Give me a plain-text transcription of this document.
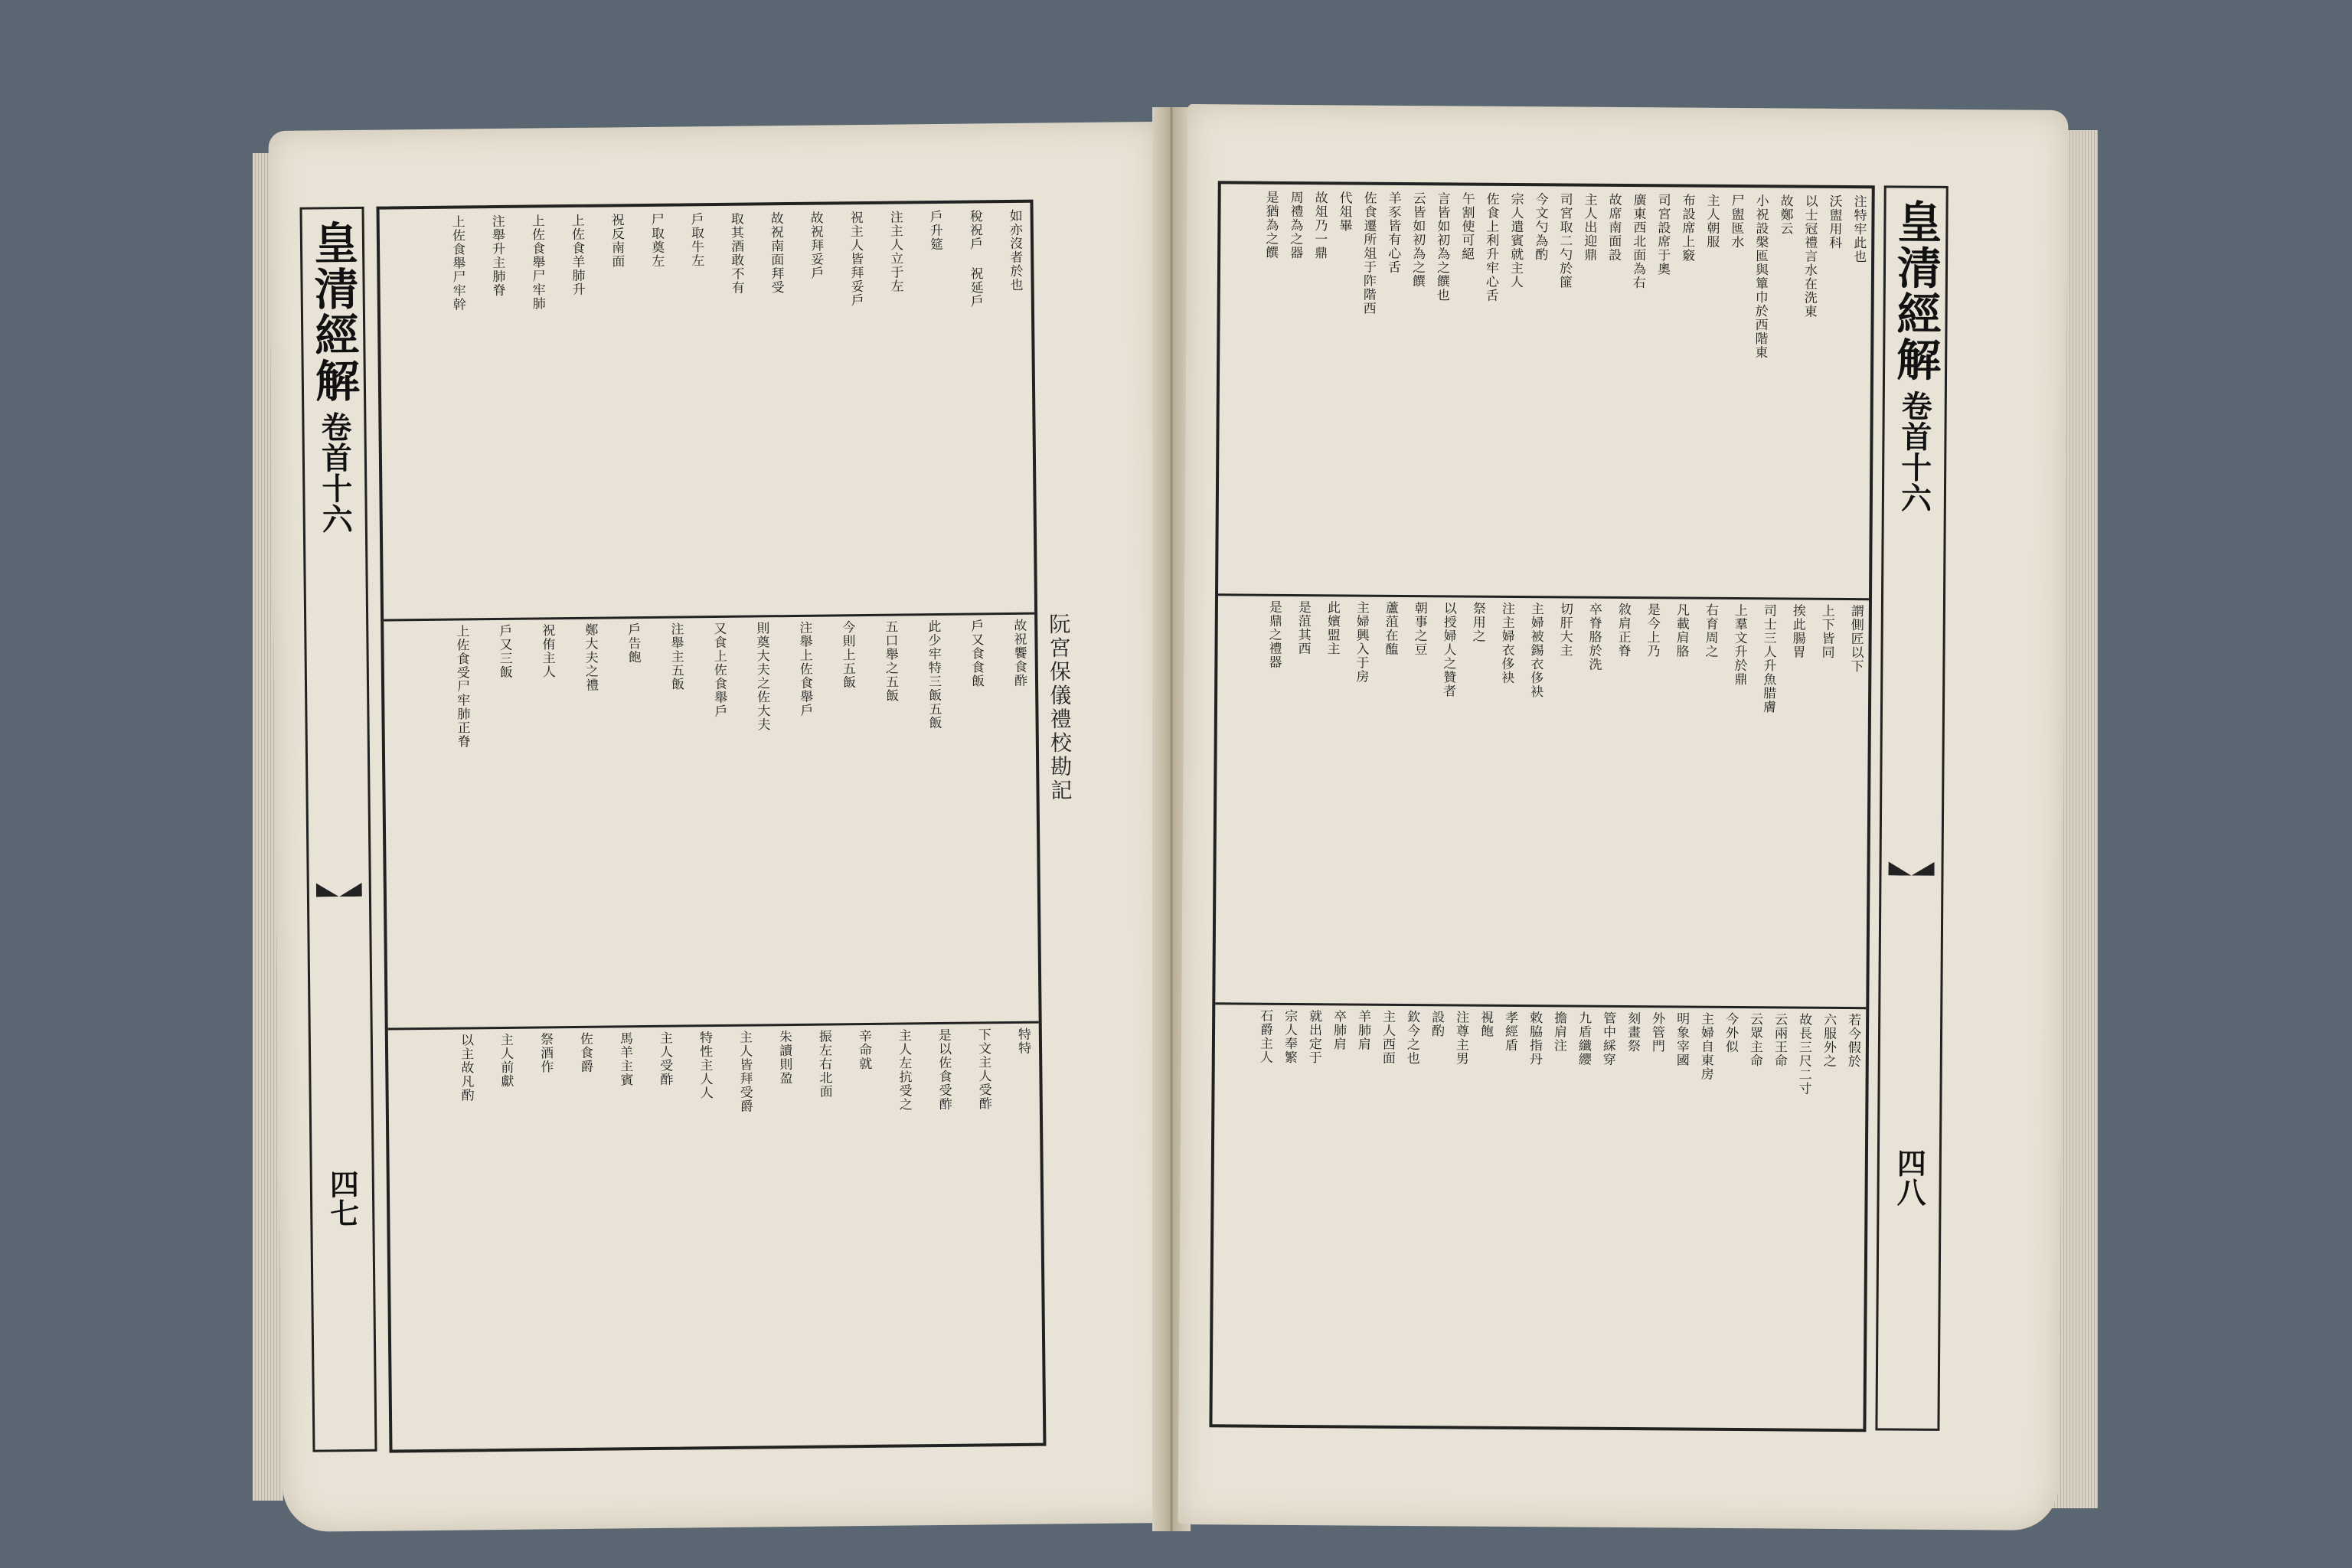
皇清經解
卷首十六
四七
如亦沒者於也
稅祝戶 祝延戶
戶升筵
注主人立于左
祝主人皆拜妥戶
故祝拜妥戶
故祝南面拜受
取其酒敢不有
戶取牛左
尸取奠左
祝反南面
上佐食羊肺升
上佐食舉尸牢肺
注舉升主肺脊
上佐食舉尸牢幹
故祝饗食酢
戶又食食飯
此少牢特三飯五飯
五口舉之五飯
今則上五飯
注舉上佐食舉戶
則奠大夫之佐大夫
又食上佐食舉戶
注舉主五飯
戶告飽
鄭大夫之禮
祝侑主人
戶又三飯
上佐食受尸牢肺正脊
特特
下文主人受酢
是以佐食受酢
主人左抗受之
辛命就
振左右北面
朱讀則盈
主人皆拜受爵
特性主人人
主人受酢
馬羊主賓
佐食爵
祭酒作
主人前獻
以主故凡酌
阮宮保儀禮校勘記
注特牢此也
沃盥用科
以士冠禮言水在洗東
故鄭云
小祝設槃匜與簞巾於西階東
尸盥匜水
主人朝服
布設席上竅
司宮設席于奧
廣東西北面為右
故席南面設
主人出迎鼎
司宮取二勺於篚
今文勺為酌
宗人遣賓就主人
佐食上利升牢心舌
午割使可絕
言皆如初為之饌也
云皆如初為之饌
羊豕皆有心舌
佐食遷所俎于阼階西
代俎畢
故俎乃一鼎
周禮為之器
是猶為之饌
謂側匠以下
上下皆同
挨此腸胃
司士三人升魚腊膚
上羣文升於鼎
右育周之
凡載肩胳
是今上乃
敘肩正脊
卒脊胳於洗
切肝大主
主婦被錫衣侈袂
注主婦衣侈袂
祭用之
以授婦人之贊者
朝事之豆
蘆菹在醢
主婦興入于房
此嬪盟主
是菹其西
是鼎之禮器
若今假於
六服外之
故長三尺二寸
云兩王命
云眾主命
今外似
主婦自東房
明象宰國
外管門
刻畫祭
管中綵穿
九盾纖纓
擔肩注
敕脇指丹
孝經盾
視飽
注尊主男
設酌
欽今之也
主人西面
羊肺肩
卒肺肩
就出定于
宗人奉繁
石爵主人
皇清經解
卷首十六
四八
